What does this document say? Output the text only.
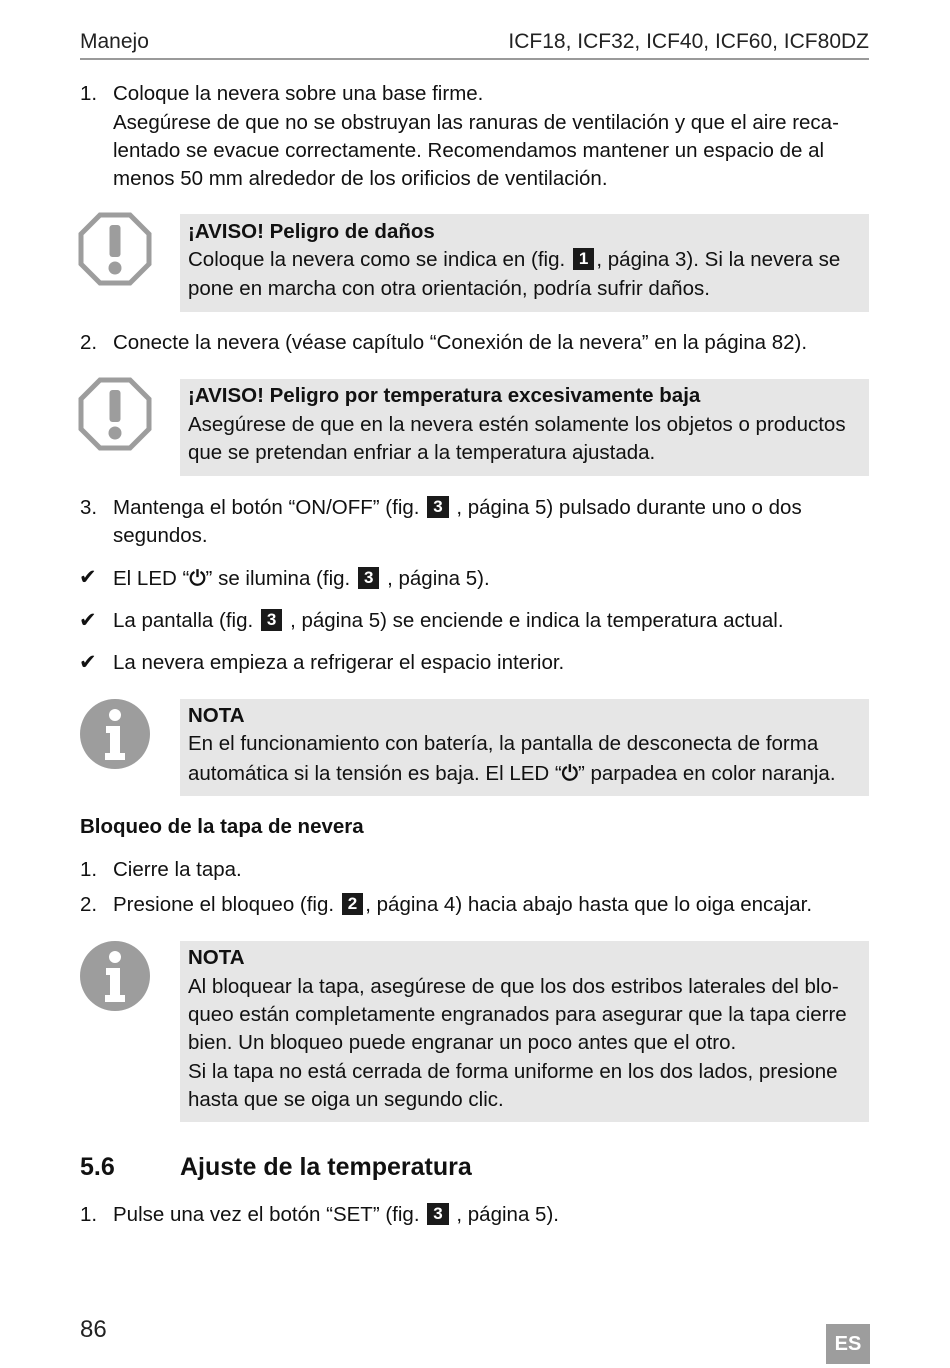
Manejo	ICF18, ICF32, ICF40, ICF60, ICF80DZ
1. Coloque la nevera sobre una base firme.
Asegúrese de que no se obstruyan las ranuras de ventilación y que el aire reca-
lentado se evacue correctamente. Recomendamos mantener un espacio de al
menos 50 mm alrededor de los orificios de ventilación.
¡AVISO! Peligro de daños
Coloque la nevera como se indica en (fig. 1 , página 3). Si la nevera se
pone en marcha con otra orientación, podría sufrir daños.
2. Conecte la nevera (véase capítulo “Conexión de la nevera” en la página 82).
¡AVISO! Peligro por temperatura excesivamente baja
Asegúrese de que en la nevera estén solamente los objetos o productos
que se pretendan enfriar a la temperatura ajustada.
3. Mantenga el botón “ON/OFF” (fig. 3 , página 5) pulsado durante uno o dos
segundos.
✔ El LED “⏻” se ilumina (fig. 3 , página 5).
✔ La pantalla (fig. 3 , página 5) se enciende e indica la temperatura actual.
✔ La nevera empieza a refrigerar el espacio interior.
NOTA
En el funcionamiento con batería, la pantalla de desconecta de forma
automática si la tensión es baja. El LED “⏻” parpadea en color naranja.
Bloqueo de la tapa de nevera
1. Cierre la tapa.
2. Presione el bloqueo (fig. 2 , página 4) hacia abajo hasta que lo oiga encajar.
NOTA
Al bloquear la tapa, asegúrese de que los dos estribos laterales del blo-
queo están completamente engranados para asegurar que la tapa cierre
bien. Un bloqueo puede engranar un poco antes que el otro.
Si la tapa no está cerrada de forma uniforme en los dos lados, presione
hasta que se oiga un segundo clic.
5.6	Ajuste de la temperatura
1. Pulse una vez el botón “SET” (fig. 3 , página 5).
86
ES
